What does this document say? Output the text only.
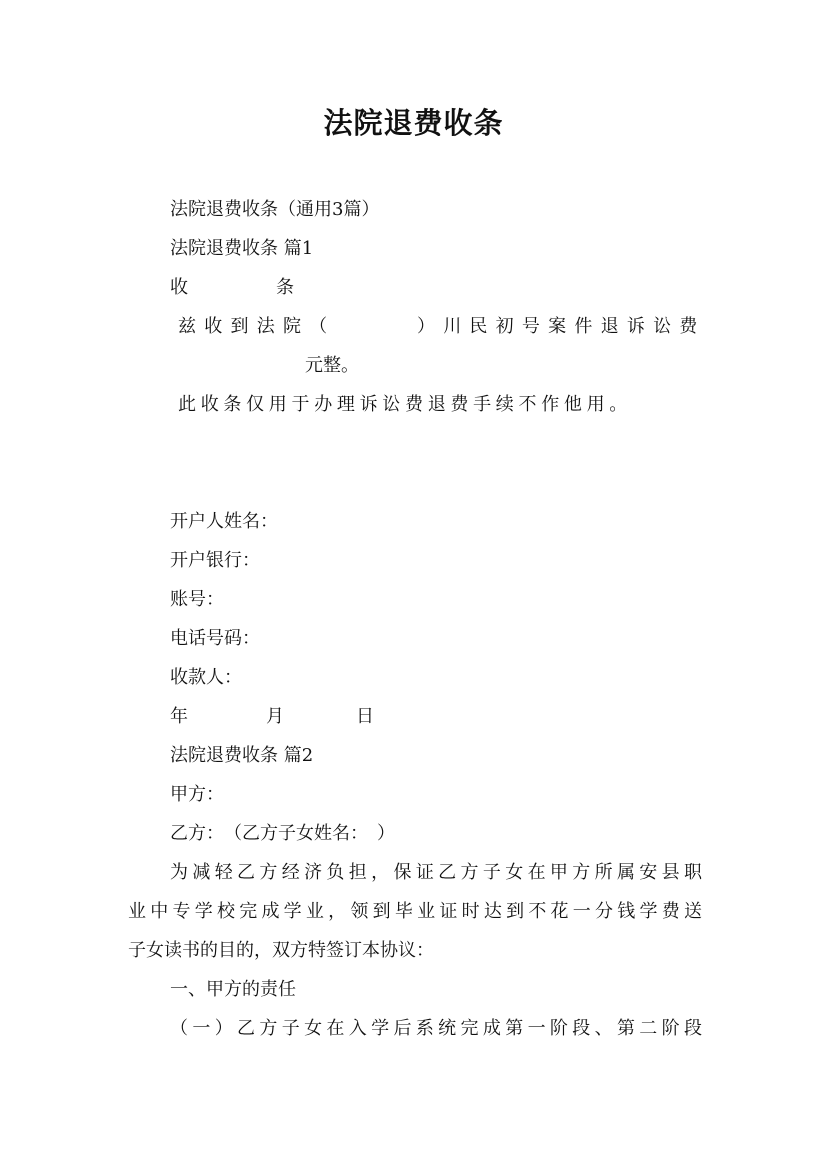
法院退费收条
法院退费收条（通用3篇）
法院退费收条 篇1
收	条
兹收到法院（	）川民初号案件退诉讼费
元整。
此收条仅用于办理诉讼费退费手续不作他用。
开户人姓名：
开户银行：
账号：
电话号码：
收款人：
年	月	日
法院退费收条 篇2
甲方：
乙方：　（乙方子女姓名：　）
为减轻乙方经济负担，保证乙方子女在甲方所属安县职
业中专学校完成学业，领到毕业证时达到不花一分钱学费送
子女读书的目的，双方特签订本协议：
一、甲方的责任
（一）乙方子女在入学后系统完成第一阶段、第二阶段
